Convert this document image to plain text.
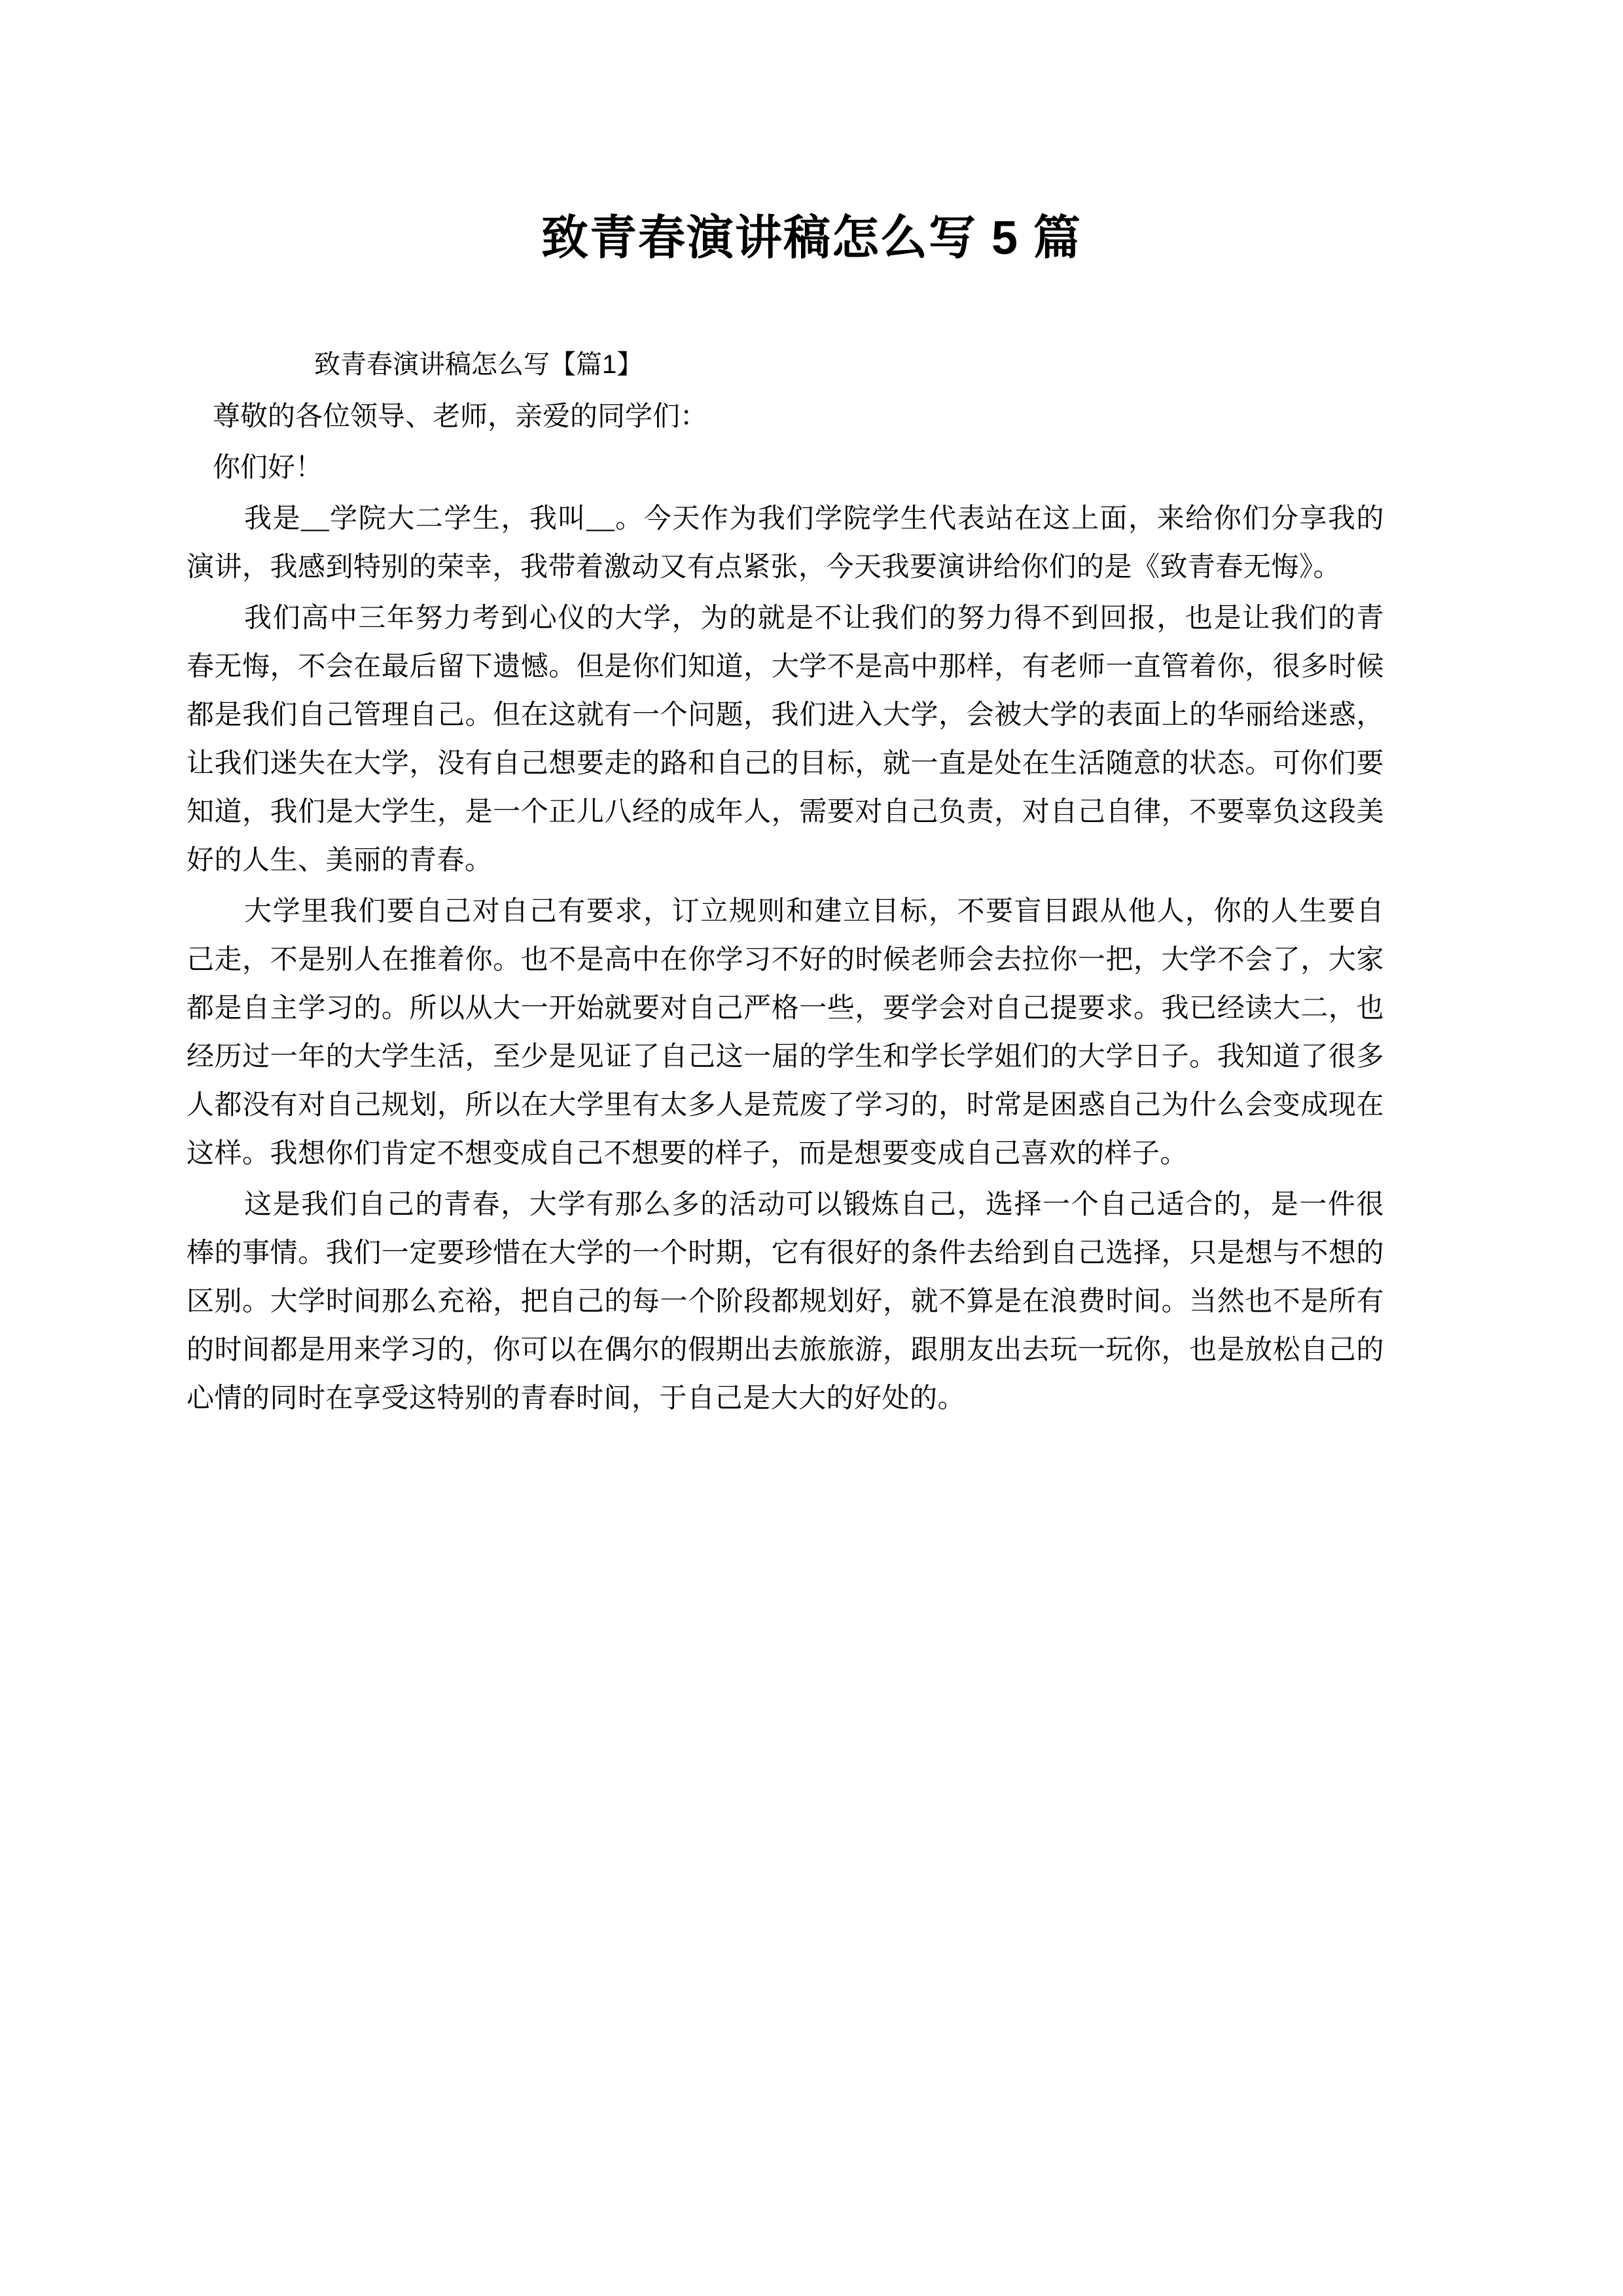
致青春演讲稿怎么写 5 篇

致青春演讲稿怎么写【篇1】

尊敬的各位领导、老师，亲爱的同学们：

你们好！

我是__学院大二学生，我叫__。今天作为我们学院学生代表站在这上面，来给你们分享我的演讲，我感到特别的荣幸，我带着激动又有点紧张，今天我要演讲给你们的是《致青春无悔》。

我们高中三年努力考到心仪的大学，为的就是不让我们的努力得不到回报，也是让我们的青春无悔，不会在最后留下遗憾。但是你们知道，大学不是高中那样，有老师一直管着你，很多时候都是我们自己管理自己。但在这就有一个问题，我们进入大学，会被大学的表面上的华丽给迷惑，让我们迷失在大学，没有自己想要走的路和自己的目标，就一直是处在生活随意的状态。可你们要知道，我们是大学生，是一个正儿八经的成年人，需要对自己负责，对自己自律，不要辜负这段美好的人生、美丽的青春。

大学里我们要自己对自己有要求，订立规则和建立目标，不要盲目跟从他人，你的人生要自己走，不是别人在推着你。也不是高中在你学习不好的时候老师会去拉你一把，大学不会了，大家都是自主学习的。所以从大一开始就要对自己严格一些，要学会对自己提要求。我已经读大二，也经历过一年的大学生活，至少是见证了自己这一届的学生和学长学姐们的大学日子。我知道了很多人都没有对自己规划，所以在大学里有太多人是荒废了学习的，时常是困惑自己为什么会变成现在这样。我想你们肯定不想变成自己不想要的样子，而是想要变成自己喜欢的样子。

这是我们自己的青春，大学有那么多的活动可以锻炼自己，选择一个自己适合的，是一件很棒的事情。我们一定要珍惜在大学的一个时期，它有很好的条件去给到自己选择，只是想与不想的区别。大学时间那么充裕，把自己的每一个阶段都规划好，就不算是在浪费时间。当然也不是所有的时间都是用来学习的，你可以在偶尔的假期出去旅旅游，跟朋友出去玩一玩你，也是放松自己的心情的同时在享受这特别的青春时间，于自己是大大的好处的。
